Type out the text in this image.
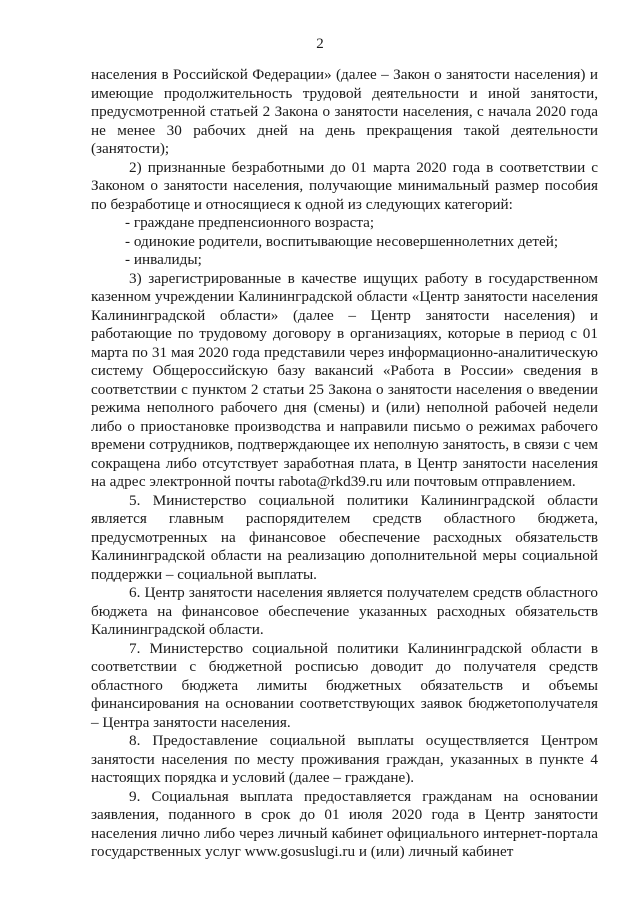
2

населения в Российской Федерации» (далее – Закон о занятости населения) и имеющие продолжительность трудовой деятельности и иной занятости, предусмотренной статьей 2 Закона о занятости населения, с начала 2020 года не менее 30 рабочих дней на день прекращения такой деятельности (занятости);

2) признанные безработными до 01 марта 2020 года в соответствии с Законом о занятости населения, получающие минимальный размер пособия по безработице и относящиеся к одной из следующих категорий:

- граждане предпенсионного возраста;

- одинокие родители, воспитывающие несовершеннолетних детей;

- инвалиды;

3) зарегистрированные в качестве ищущих работу в государственном казенном учреждении Калининградской области «Центр занятости населения Калининградской области» (далее – Центр занятости населения) и работающие по трудовому договору в организациях, которые в период с 01 марта по 31 мая 2020 года представили через информационно-аналитическую систему Общероссийскую базу вакансий «Работа в России» сведения в соответствии с пунктом 2 статьи 25 Закона о занятости населения о введении режима неполного рабочего дня (смены) и (или) неполной рабочей недели либо о приостановке производства и направили письмо о режимах рабочего времени сотрудников, подтверждающее их неполную занятость, в связи с чем сокращена либо отсутствует заработная плата, в Центр занятости населения на адрес электронной почты rabota@rkd39.ru или почтовым отправлением.

5. Министерство социальной политики Калининградской области является главным распорядителем средств областного бюджета, предусмотренных на финансовое обеспечение расходных обязательств Калининградской области на реализацию дополнительной меры социальной поддержки – социальной выплаты.

6. Центр занятости населения является получателем средств областного бюджета на финансовое обеспечение указанных расходных обязательств Калининградской области.

7. Министерство социальной политики Калининградской области в соответствии с бюджетной росписью доводит до получателя средств областного бюджета лимиты бюджетных обязательств и объемы финансирования на основании соответствующих заявок бюджетополучателя – Центра занятости населения.

8. Предоставление социальной выплаты осуществляется Центром занятости населения по месту проживания граждан, указанных в пункте 4 настоящих порядка и условий (далее – граждане).

9. Социальная выплата предоставляется гражданам на основании заявления, поданного в срок до 01 июля 2020 года в Центр занятости населения лично либо через личный кабинет официального интернет-портала государственных услуг www.gosuslugi.ru и (или) личный кабинет
